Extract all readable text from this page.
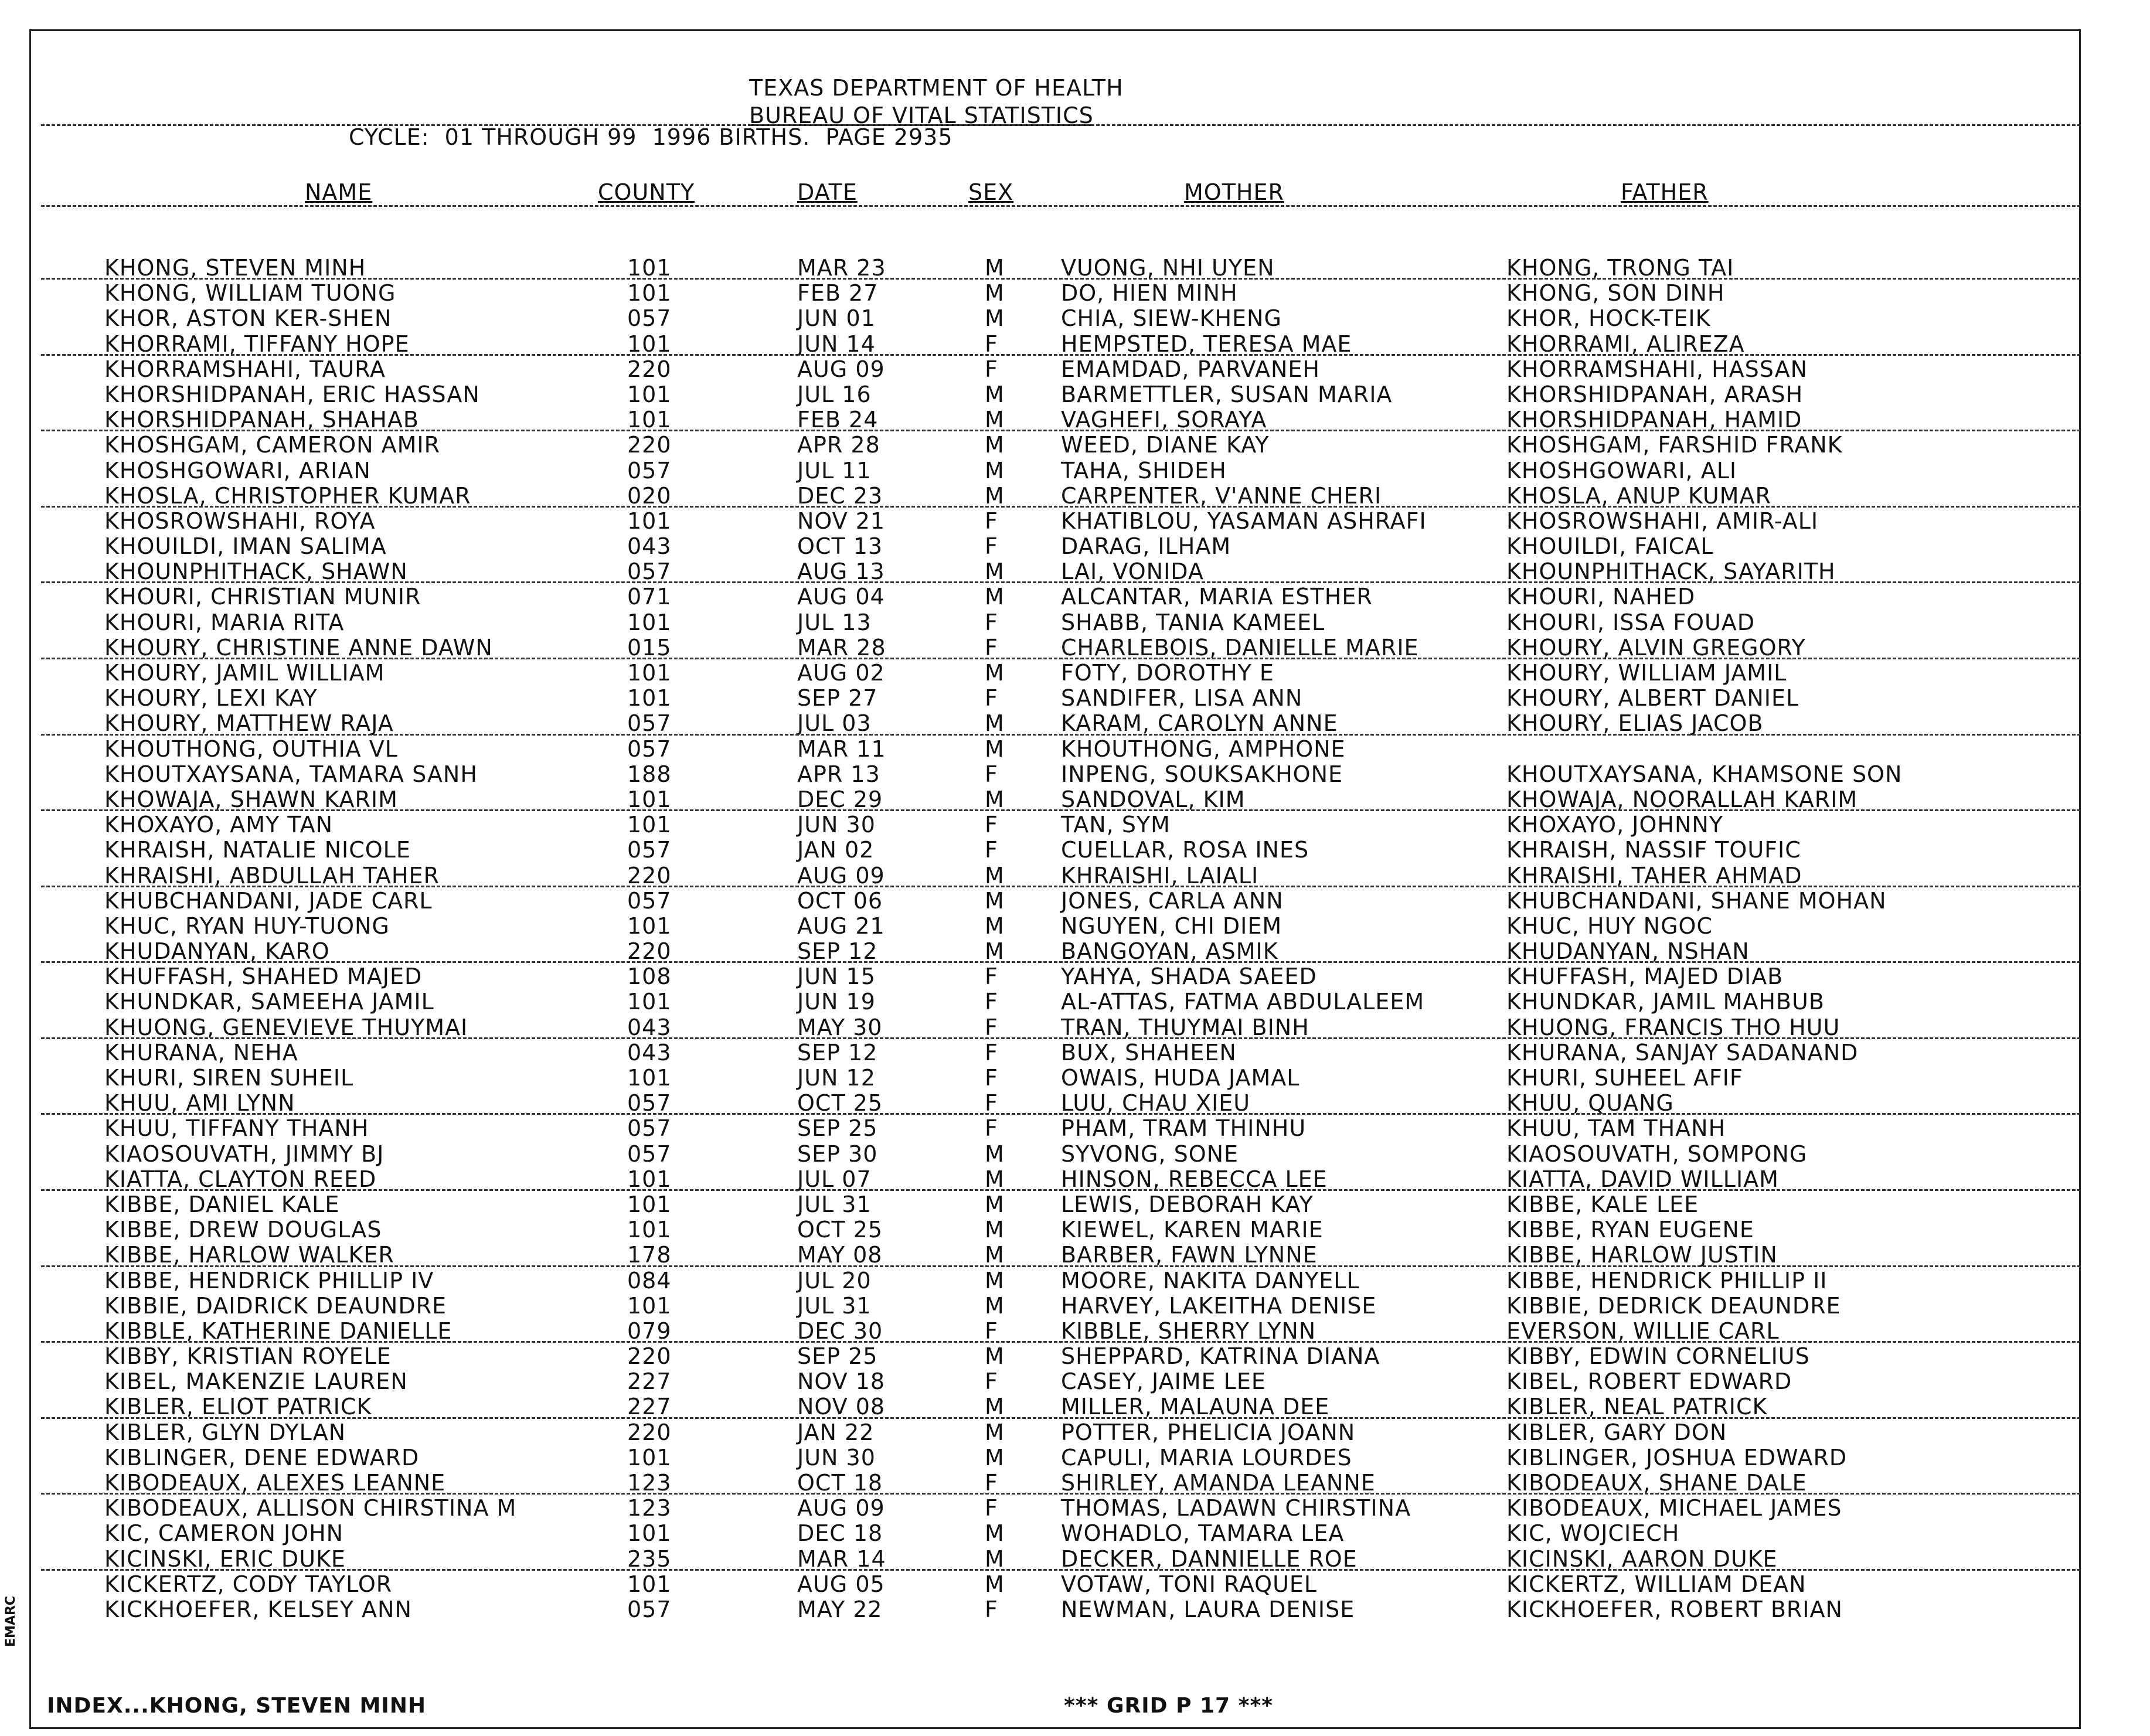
TEXAS DEPARTMENT OF HEALTH
BUREAU OF VITAL STATISTICS
CYCLE:  01 THROUGH 99  1996 BIRTHS.  PAGE 2935
NAME	COUNTY	DATE	SEX	MOTHER	FATHER
KHONG, STEVEN MINH	101	MAR 23	M	VUONG, NHI UYEN	KHONG, TRONG TAI
KHONG, WILLIAM TUONG	101	FEB 27	M	DO, HIEN MINH	KHONG, SON DINH
KHOR, ASTON KER-SHEN	057	JUN 01	M	CHIA, SIEW-KHENG	KHOR, HOCK-TEIK
KHORRAMI, TIFFANY HOPE	101	JUN 14	F	HEMPSTED, TERESA MAE	KHORRAMI, ALIREZA
KHORRAMSHAHI, TAURA	220	AUG 09	F	EMAMDAD, PARVANEH	KHORRAMSHAHI, HASSAN
KHORSHIDPANAH, ERIC HASSAN	101	JUL 16	M	BARMETTLER, SUSAN MARIA	KHORSHIDPANAH, ARASH
KHORSHIDPANAH, SHAHAB	101	FEB 24	M	VAGHEFI, SORAYA	KHORSHIDPANAH, HAMID
KHOSHGAM, CAMERON AMIR	220	APR 28	M	WEED, DIANE KAY	KHOSHGAM, FARSHID FRANK
KHOSHGOWARI, ARIAN	057	JUL 11	M	TAHA, SHIDEH	KHOSHGOWARI, ALI
KHOSLA, CHRISTOPHER KUMAR	020	DEC 23	M	CARPENTER, V'ANNE CHERI	KHOSLA, ANUP KUMAR
KHOSROWSHAHI, ROYA	101	NOV 21	F	KHATIBLOU, YASAMAN ASHRAFI	KHOSROWSHAHI, AMIR-ALI
KHOUILDI, IMAN SALIMA	043	OCT 13	F	DARAG, ILHAM	KHOUILDI, FAICAL
KHOUNPHITHACK, SHAWN	057	AUG 13	M	LAI, VONIDA	KHOUNPHITHACK, SAYARITH
KHOURI, CHRISTIAN MUNIR	071	AUG 04	M	ALCANTAR, MARIA ESTHER	KHOURI, NAHED
KHOURI, MARIA RITA	101	JUL 13	F	SHABB, TANIA KAMEEL	KHOURI, ISSA FOUAD
KHOURY, CHRISTINE ANNE DAWN	015	MAR 28	F	CHARLEBOIS, DANIELLE MARIE	KHOURY, ALVIN GREGORY
KHOURY, JAMIL WILLIAM	101	AUG 02	M	FOTY, DOROTHY E	KHOURY, WILLIAM JAMIL
KHOURY, LEXI KAY	101	SEP 27	F	SANDIFER, LISA ANN	KHOURY, ALBERT DANIEL
KHOURY, MATTHEW RAJA	057	JUL 03	M	KARAM, CAROLYN ANNE	KHOURY, ELIAS JACOB
KHOUTHONG, OUTHIA VL	057	MAR 11	M	KHOUTHONG, AMPHONE
KHOUTXAYSANA, TAMARA SANH	188	APR 13	F	INPENG, SOUKSAKHONE	KHOUTXAYSANA, KHAMSONE SON
KHOWAJA, SHAWN KARIM	101	DEC 29	M	SANDOVAL, KIM	KHOWAJA, NOORALLAH KARIM
KHOXAYO, AMY TAN	101	JUN 30	F	TAN, SYM	KHOXAYO, JOHNNY
KHRAISH, NATALIE NICOLE	057	JAN 02	F	CUELLAR, ROSA INES	KHRAISH, NASSIF TOUFIC
KHRAISHI, ABDULLAH TAHER	220	AUG 09	M	KHRAISHI, LAIALI	KHRAISHI, TAHER AHMAD
KHUBCHANDANI, JADE CARL	057	OCT 06	M	JONES, CARLA ANN	KHUBCHANDANI, SHANE MOHAN
KHUC, RYAN HUY-TUONG	101	AUG 21	M	NGUYEN, CHI DIEM	KHUC, HUY NGOC
KHUDANYAN, KARO	220	SEP 12	M	BANGOYAN, ASMIK	KHUDANYAN, NSHAN
KHUFFASH, SHAHED MAJED	108	JUN 15	F	YAHYA, SHADA SAEED	KHUFFASH, MAJED DIAB
KHUNDKAR, SAMEEHA JAMIL	101	JUN 19	F	AL-ATTAS, FATMA ABDULALEEM	KHUNDKAR, JAMIL MAHBUB
KHUONG, GENEVIEVE THUYMAI	043	MAY 30	F	TRAN, THUYMAI BINH	KHUONG, FRANCIS THO HUU
KHURANA, NEHA	043	SEP 12	F	BUX, SHAHEEN	KHURANA, SANJAY SADANAND
KHURI, SIREN SUHEIL	101	JUN 12	F	OWAIS, HUDA JAMAL	KHURI, SUHEEL AFIF
KHUU, AMI LYNN	057	OCT 25	F	LUU, CHAU XIEU	KHUU, QUANG
KHUU, TIFFANY THANH	057	SEP 25	F	PHAM, TRAM THINHU	KHUU, TAM THANH
KIAOSOUVATH, JIMMY BJ	057	SEP 30	M	SYVONG, SONE	KIAOSOUVATH, SOMPONG
KIATTA, CLAYTON REED	101	JUL 07	M	HINSON, REBECCA LEE	KIATTA, DAVID WILLIAM
KIBBE, DANIEL KALE	101	JUL 31	M	LEWIS, DEBORAH KAY	KIBBE, KALE LEE
KIBBE, DREW DOUGLAS	101	OCT 25	M	KIEWEL, KAREN MARIE	KIBBE, RYAN EUGENE
KIBBE, HARLOW WALKER	178	MAY 08	M	BARBER, FAWN LYNNE	KIBBE, HARLOW JUSTIN
KIBBE, HENDRICK PHILLIP IV	084	JUL 20	M	MOORE, NAKITA DANYELL	KIBBE, HENDRICK PHILLIP II
KIBBIE, DAIDRICK DEAUNDRE	101	JUL 31	M	HARVEY, LAKEITHA DENISE	KIBBIE, DEDRICK DEAUNDRE
KIBBLE, KATHERINE DANIELLE	079	DEC 30	F	KIBBLE, SHERRY LYNN	EVERSON, WILLIE CARL
KIBBY, KRISTIAN ROYELE	220	SEP 25	M	SHEPPARD, KATRINA DIANA	KIBBY, EDWIN CORNELIUS
KIBEL, MAKENZIE LAUREN	227	NOV 18	F	CASEY, JAIME LEE	KIBEL, ROBERT EDWARD
KIBLER, ELIOT PATRICK	227	NOV 08	M	MILLER, MALAUNA DEE	KIBLER, NEAL PATRICK
KIBLER, GLYN DYLAN	220	JAN 22	M	POTTER, PHELICIA JOANN	KIBLER, GARY DON
KIBLINGER, DENE EDWARD	101	JUN 30	M	CAPULI, MARIA LOURDES	KIBLINGER, JOSHUA EDWARD
KIBODEAUX, ALEXES LEANNE	123	OCT 18	F	SHIRLEY, AMANDA LEANNE	KIBODEAUX, SHANE DALE
KIBODEAUX, ALLISON CHIRSTINA M	123	AUG 09	F	THOMAS, LADAWN CHIRSTINA	KIBODEAUX, MICHAEL JAMES
KIC, CAMERON JOHN	101	DEC 18	M	WOHADLO, TAMARA LEA	KIC, WOJCIECH
KICINSKI, ERIC DUKE	235	MAR 14	M	DECKER, DANNIELLE ROE	KICINSKI, AARON DUKE
KICKERTZ, CODY TAYLOR	101	AUG 05	M	VOTAW, TONI RAQUEL	KICKERTZ, WILLIAM DEAN
KICKHOEFER, KELSEY ANN	057	MAY 22	F	NEWMAN, LAURA DENISE	KICKHOEFER, ROBERT BRIAN
INDEX...KHONG, STEVEN MINH	*** GRID P 17 ***
EMARC
